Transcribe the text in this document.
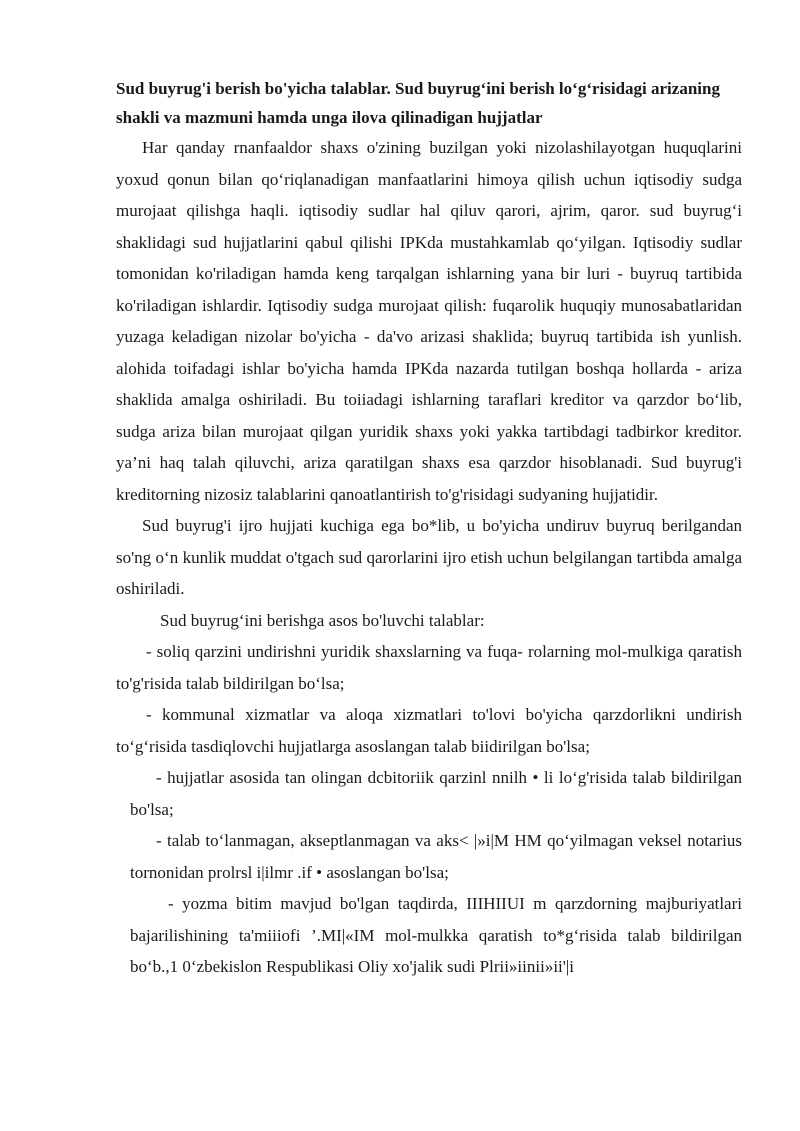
Sud buyrug'i berish bo'yicha talablar. Sud buyrug‘ini berish lo‘g‘risidagi arizaning shakli va mazmuni hamda unga ilova qilinadigan hujjatlar

Har qanday rnanfaaldor shaxs o'zining buzilgan yoki nizolashilayotgan huquqlarini yoxud qonun bilan qo‘riqlanadigan manfaatlarini himoya qilish uchun iqtisodiy sudga murojaat qilishga haqli. iqtisodiy sudlar hal qiluv qarori, ajrim, qaror. sud buyrug‘i shaklidagi sud hujjatlarini qabul qilishi IPKda mustahkamlab qo‘yilgan. Iqtisodiy sudlar tomonidan ko'riladigan hamda keng tarqalgan ishlarning yana bir luri - buyruq tartibida ko'riladigan ishlardir. Iqtisodiy sudga murojaat qilish: fuqarolik huquqiy munosabatlaridan yuzaga keladigan nizolar bo'yicha - da'vo arizasi shaklida; buyruq tartibida ish yunlish. alohida toifadagi ishlar bo'yicha hamda IPKda nazarda tutilgan boshqa hollarda - ariza shaklida amalga oshiriladi. Bu toiiadagi ishlarning taraflari kreditor va qarzdor bo‘lib, sudga ariza bilan murojaat qilgan yuridik shaxs yoki yakka tartibdagi tadbirkor kreditor. ya’ni haq talah qiluvchi, ariza qaratilgan shaxs esa qarzdor hisoblanadi. Sud buyrug'i kreditorning nizosiz talablarini qanoatlantirish to'g'risidagi sudyaning hujjatidir.

Sud buyrug'i ijro hujjati kuchiga ega bo*lib, u bo'yicha undiruv buyruq berilgandan so'ng o‘n kunlik muddat o'tgach sud qarorlarini ijro etish uchun belgilangan tartibda amalga oshiriladi.

Sud buyrug‘ini berishga asos bo'luvchi talablar:

- soliq qarzini undirishni yuridik shaxslarning va fuqa- rolarning mol-mulkiga qaratish to'g'risida talab bildirilgan bo‘lsa;

- kommunal xizmatlar va aloqa xizmatlari to'lovi bo'yicha qarzdorlikni undirish to‘g‘risida tasdiqlovchi hujjatlarga asoslangan talab biidirilgan bo'lsa;

- hujjatlar asosida tan olingan dcbitoriik qarzinl nnilh • li lo‘g'risida talab bildirilgan bo'lsa;

- talab to‘lanmagan, akseptlanmagan va aks< |»i|M HM qo‘yilmagan veksel notarius tornonidan prolrsl i|ilmr .if • asoslangan bo'lsa;

- yozma bitim mavjud bo'lgan taqdirda, IIIHIIUI m qarzdorning majburiyatlari bajarilishining ta'miiiofi ’.MI|«IM mol-mulkka qaratish to*g‘risida talab bildirilgan bo‘b.,1 0‘zbekislon Respublikasi Oliy xo'jalik sudi Plrii»iinii»ii'|i
